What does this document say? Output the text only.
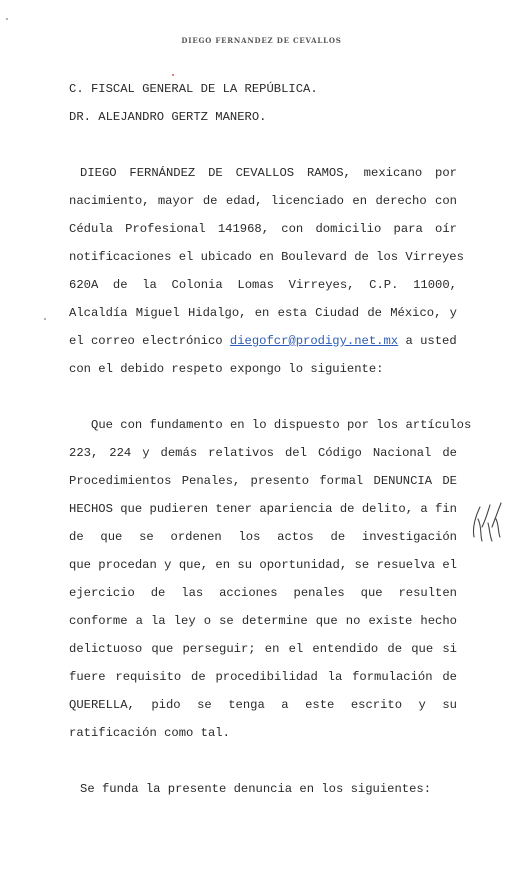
DIEGO FERNANDEZ DE CEVALLOS
C. FISCAL GENERAL DE LA REPÚBLICA.
DR. ALEJANDRO GERTZ MANERO.
DIEGO FERNÁNDEZ DE CEVALLOS RAMOS, mexicano por
nacimiento, mayor de edad, licenciado en derecho con
Cédula Profesional 141968, con domicilio para oír
notificaciones el ubicado en Boulevard de los Virreyes
620A de la Colonia Lomas Virreyes, C.P. 11000,
Alcaldía Miguel Hidalgo, en esta Ciudad de México, y
el correo electrónico diegofcr@prodigy.net.mx a usted
con el debido respeto expongo lo siguiente:
Que con fundamento en lo dispuesto por los artículos
223, 224 y demás relativos del Código Nacional de
Procedimientos Penales, presento formal DENUNCIA DE
HECHOS que pudieren tener apariencia de delito, a fin
de que se ordenen los actos de investigación
que procedan y que, en su oportunidad, se resuelva el
ejercicio de las acciones penales que resulten
conforme a la ley o se determine que no existe hecho
delictuoso que perseguir; en el entendido de que si
fuere requisito de procedibilidad la formulación de
QUERELLA, pido se tenga a este escrito y su
ratificación como tal.
Se funda la presente denuncia en los siguientes:
